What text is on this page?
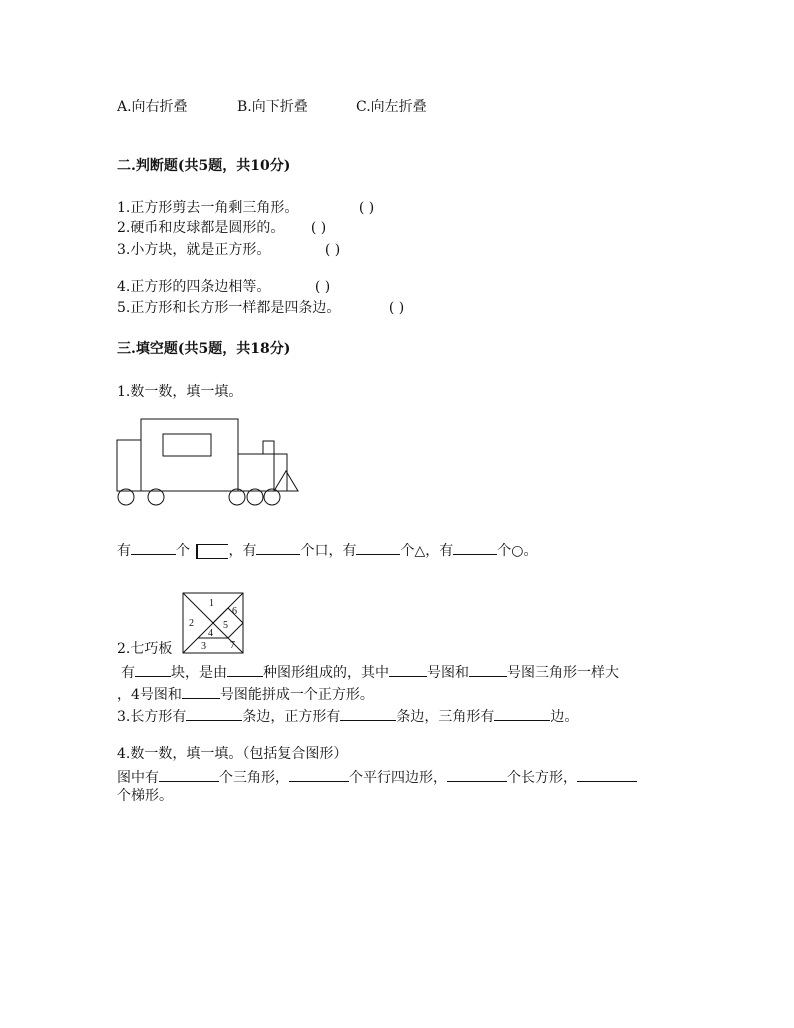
A.向右折叠	B.向下折叠	C.向左折叠
二.判断题(共5题，共10分)
1.正方形剪去一角剩三角形。	( )
2.硬币和皮球都是圆形的。 ( )
3.小方块，就是正方形。	( )
4.正方形的四条边相等。	( )
5.正方形和长方形一样都是四条边。	( )
三.填空题(共5题，共18分)
1.数一数，填一填。
有	个	，有	个口，有	个△，有	个○。
2.七巧板
1
2
3
4
5
6
7
有	块，是由	种图形组成的，其中	号图和	号图三角形一样大
，4号图和	号图能拼成一个正方形。
3.长方形有	条边，正方形有	条边，三角形有	边。
4.数一数，填一填。（包括复合图形）
图中有	个三角形，	个平行四边形，	个长方形，
个梯形。
